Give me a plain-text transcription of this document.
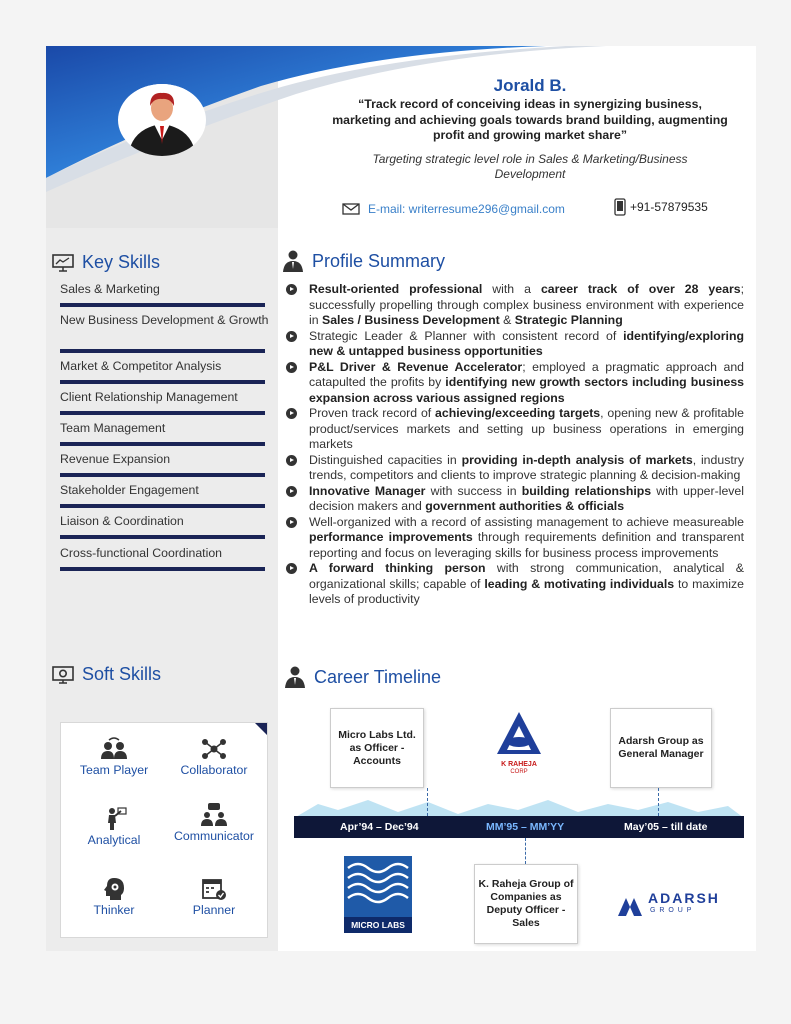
Jorald B.
“Track record of conceiving ideas in synergizing business, marketing and achieving goals towards brand building, augmenting profit and growing market share”
Targeting strategic level role in Sales & Marketing/Business Development
E-mail: writerresume296@gmail.com	+91-57879535
Key Skills
Sales & Marketing
New Business Development & Growth
Market & Competitor Analysis
Client Relationship Management
Team Management
Revenue Expansion
Stakeholder Engagement
Liaison & Coordination
Cross-functional Coordination
Soft Skills
Team Player	Collaborator
Analytical	Communicator
Thinker	Planner
Profile Summary
Result-oriented professional with a career track of over 28 years; successfully propelling through complex business environment with experience in Sales / Business Development & Strategic Planning
Strategic Leader & Planner with consistent record of identifying/exploring new & untapped business opportunities
P&L Driver & Revenue Accelerator; employed a pragmatic approach and catapulted the profits by identifying new growth sectors including business expansion across various assigned regions
Proven track record of achieving/exceeding targets, opening new & profitable product/services markets and setting up business operations in emerging markets
Distinguished capacities in providing in-depth analysis of markets, industry trends, competitors and clients to improve strategic planning & decision-making
Innovative Manager with success in building relationships with upper-level decision makers and government authorities & officials
Well-organized with a record of assisting management to achieve measureable performance improvements through requirements definition and transparent reporting and focus on leveraging skills for business process improvements
A forward thinking person with strong communication, analytical & organizational skills; capable of leading & motivating individuals to maximize levels of productivity
Career Timeline
Micro Labs Ltd. as Officer - Accounts
Adarsh Group as General Manager
K. Raheja Group of Companies as Deputy Officer - Sales
Apr’94 – Dec’94	MM’95 – MM’YY	May’05 – till date
K RAHEJA
CORP
MICRO LABS
ADARSH
G R O U P
